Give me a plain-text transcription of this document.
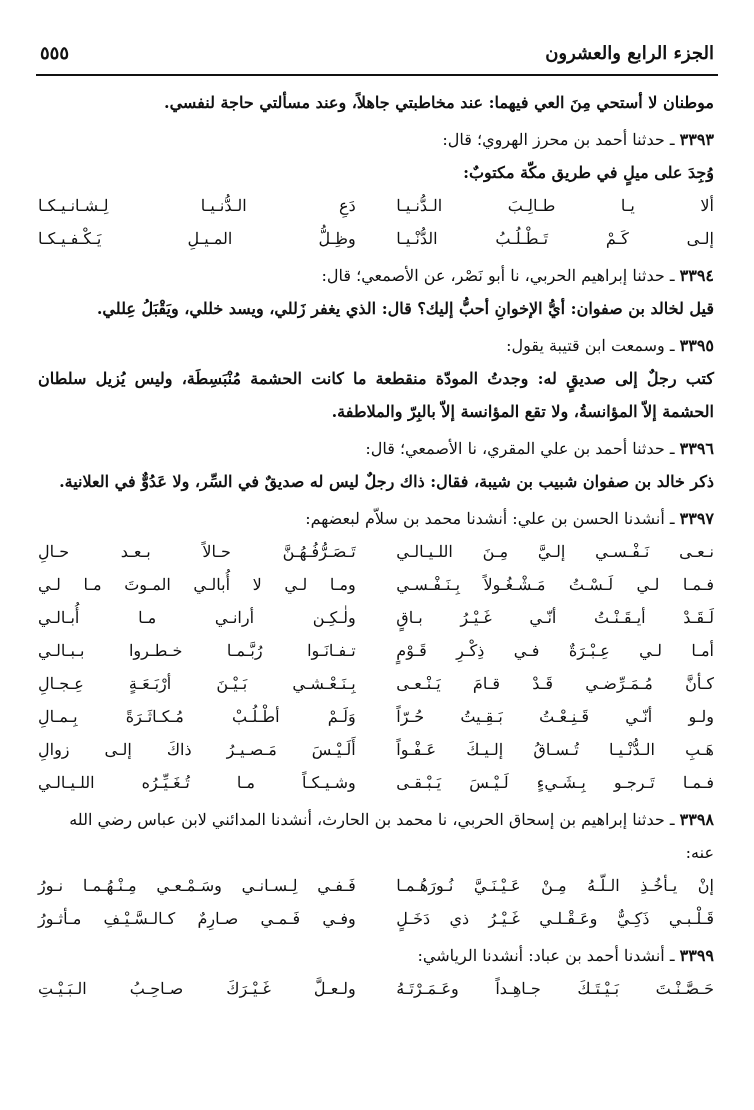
الجزء الرابع والعشرون
٥٥٥

موطنان لا أستحي مِنَ العي فيهما: عند مخاطبتي جاهلاً، وعند مسألتي حاجة لنفسي.

٣٣٩٣ ـ حدثنا أحمد بن محرز الهروي؛ قال:

وُجِدَ على ميلٍ في طريق مكّة مكتوبٌ:

ألا يـا طـالِـبَ الـدُّنـيـا
دَعِ الـدُّنـيـا لِـشـانـيـكـا
إلـى كَـمْ تَـطْـلُـبُ الدُّنْـيـا
وظِـلُّ المـيـلِ يَـكْـفـيـكـا

٣٣٩٤ ـ حدثنا إبراهيم الحربي، نا أبو نَصْر، عن الأصمعي؛ قال:

قيل لخالد بن صفوان: أيُّ الإخوانِ أحبُّ إليك؟ قال: الذي يغفر زَللي، ويسد خللي، ويَقْبَلُ عِللي.

٣٣٩٥ ـ وسمعت ابن قتيبة يقول:

كتب رجلٌ إلى صديقٍ له: وجدتُ المودّة منقطعة ما كانت الحشمة مُنْبَسِطَة، وليس يُزيل سلطان الحشمة إلاّ المؤانسةُ، ولا تقع المؤانسة إلاّ بالبِرّ والملاطفة.

٣٣٩٦ ـ حدثنا أحمد بن علي المقري، نا الأصمعي؛ قال:

ذكر خالد بن صفوان شبيب بن شيبة، فقال: ذاك رجلٌ ليس له صديقٌ في السِّر، ولا عَدُوٌّ في العلانية.

٣٣٩٧ ـ أنشدنا الحسن بن علي: أنشدنا محمد بن سلاّم لبعضهم:

نـعـى نَـفْـسـي إلـيَّ مِـنَ اللـيـالـي
تَـصَـرُّفُـهُـنَّ حـالاً بـعـد حـالِ
فـمـا لـي لَـسْـتُ مَـشْـغُـولاً بِـنَـفْـسـي
ومـا لـي لا أُبالـي المـوتَ مـا لـي
لَـقَـدْ أيـقَـنْـتُ أنّـي غَـيْـرُ بـاقٍ
ولٰـكِـن أرانـي مـا أُبـالـي
أمـا لـي عِـبْـرَةٌ فـي ذِكْـرِ قَـوْمٍ
تـفـانَـوا رُبَّـمـا خـطـروا بـبـالـي
كـأنَّ مُـمَـرِّضـي قَـدْ قـامَ يَـنْـعـى
بِـنَـعْـشـي بَـيْـنَ أرْبَـعَـةٍ عِـجـالِ
ولـو أنّـي قَـنِـعْـتُ بَـقِـيتُ حُـرّاً
وَلَـمْ أطْـلُـبْ مُـكـاثَـرَةً بِـمـالِ
هَـبِ الـدُّنْـيـا تُـسـاقُ إلـيـكَ عَـفْـواً
أَلَـيْـسَ مَـصـيـرُ ذاكَ إلـى زوالِ
فـمـا تَـرجـو بِـشَـيءٍ لَـيْـسَ يَـبْـقـى
وشـيـكـاً مـا تُـغَـيِّـرُه اللـيـالـي

٣٣٩٨ ـ حدثنا إبراهيم بن إسحاق الحربي، نا محمد بن الحارث، أنشدنا المدائني لابن عباس رضي الله عنه:

إنْ يـأخُـذِ الـلّـهُ مِـنْ عَـيْـنَـيَّ نُـورَهُـمـا
فَـفـي لِـسـانـي وسَـمْـعـي مِـنْـهُـمـا نـورُ
قَـلْـبـي ذَكِـيٌّ وعَـقْـلـي غَـيْـرُ ذي دَخَـلٍ
وفـي فَـمـي صـارِمٌ كـالـسَّـيْـفِ مـأثـورُ

٣٣٩٩ ـ أنشدنا أحمد بن عباد: أنشدنا الرياشي:

حَـصَّـنْـتَ بَـيْـتَـكَ جـاهِـداً وعَـمَـرْتَـهُ
ولـعـلَّ غَـيْـرَكَ صـاحِـبُ الـبَـيْـتِ
